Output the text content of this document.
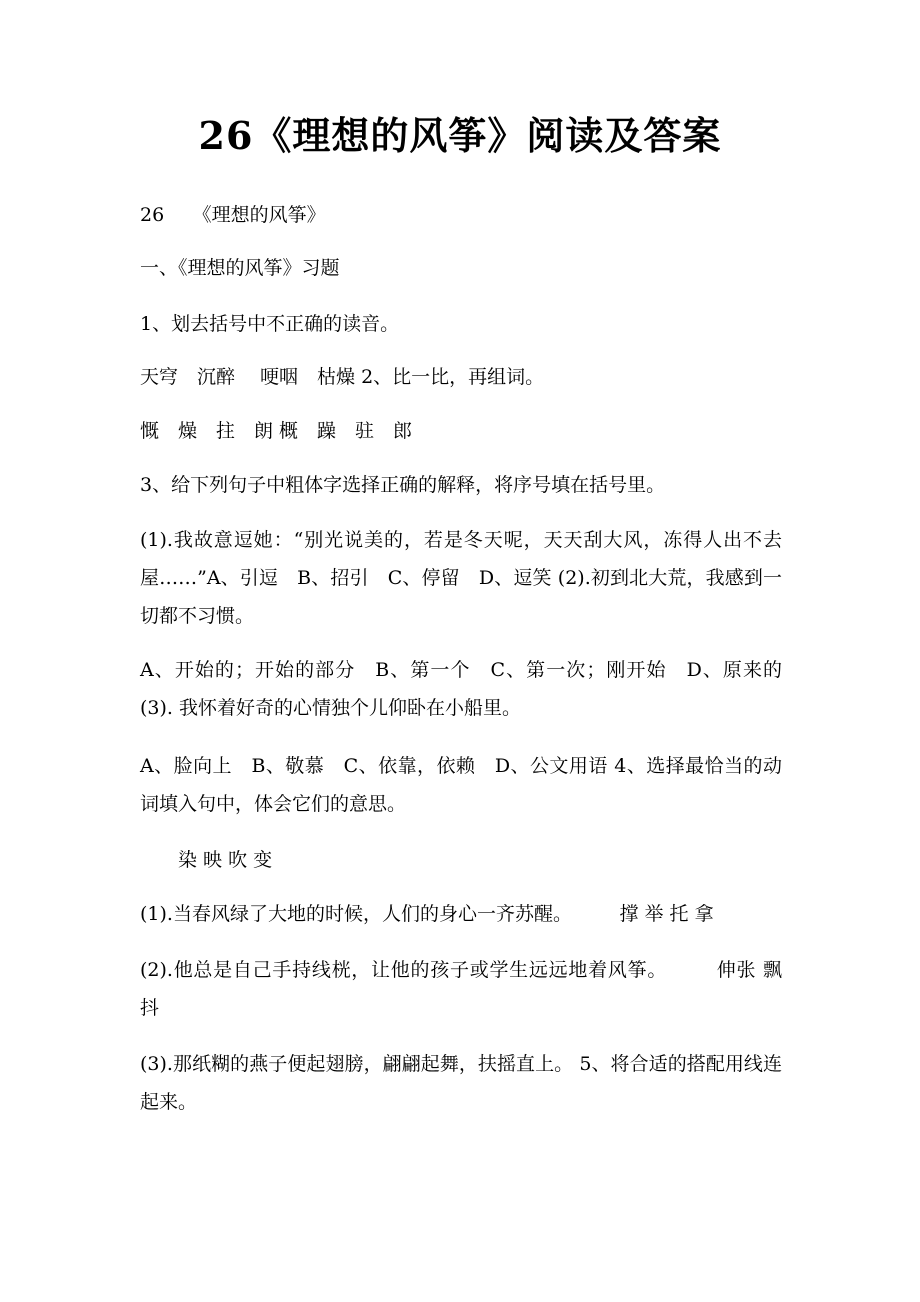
26《理想的风筝》阅读及答案
26　　《理想的风筝》
一、《理想的风筝》习题
1、划去括号中不正确的读音。
天穹　沉醉　 哽咽　枯燥 2、比一比，再组词。
慨　燥　拄　朗 概　躁　驻　郎
3、给下列句子中粗体字选择正确的解释，将序号填在括号里。
(1).我故意逗她：“别光说美的，若是冬天呢，天天刮大风，冻得人出不去屋……”A、引逗　B、招引　C、停留　D、逗笑 (2).初到北大荒，我感到一切都不习惯。
A、开始的；开始的部分　B、第一个　C、第一次；刚开始　D、原来的 (3). 我怀着好奇的心情独个儿仰卧在小船里。
A、脸向上　B、敬慕　C、依靠，依赖　D、公文用语 4、选择最恰当的动词填入句中，体会它们的意思。
　　染 映 吹 变
(1).当春风绿了大地的时候，人们的身心一齐苏醒。　　　撑 举 托 拿
(2).他总是自己手持线桄，让他的孩子或学生远远地着风筝。　　　伸张 飘 抖
(3).那纸糊的燕子便起翅膀，翩翩起舞，扶摇直上。 5、将合适的搭配用线连起来。
